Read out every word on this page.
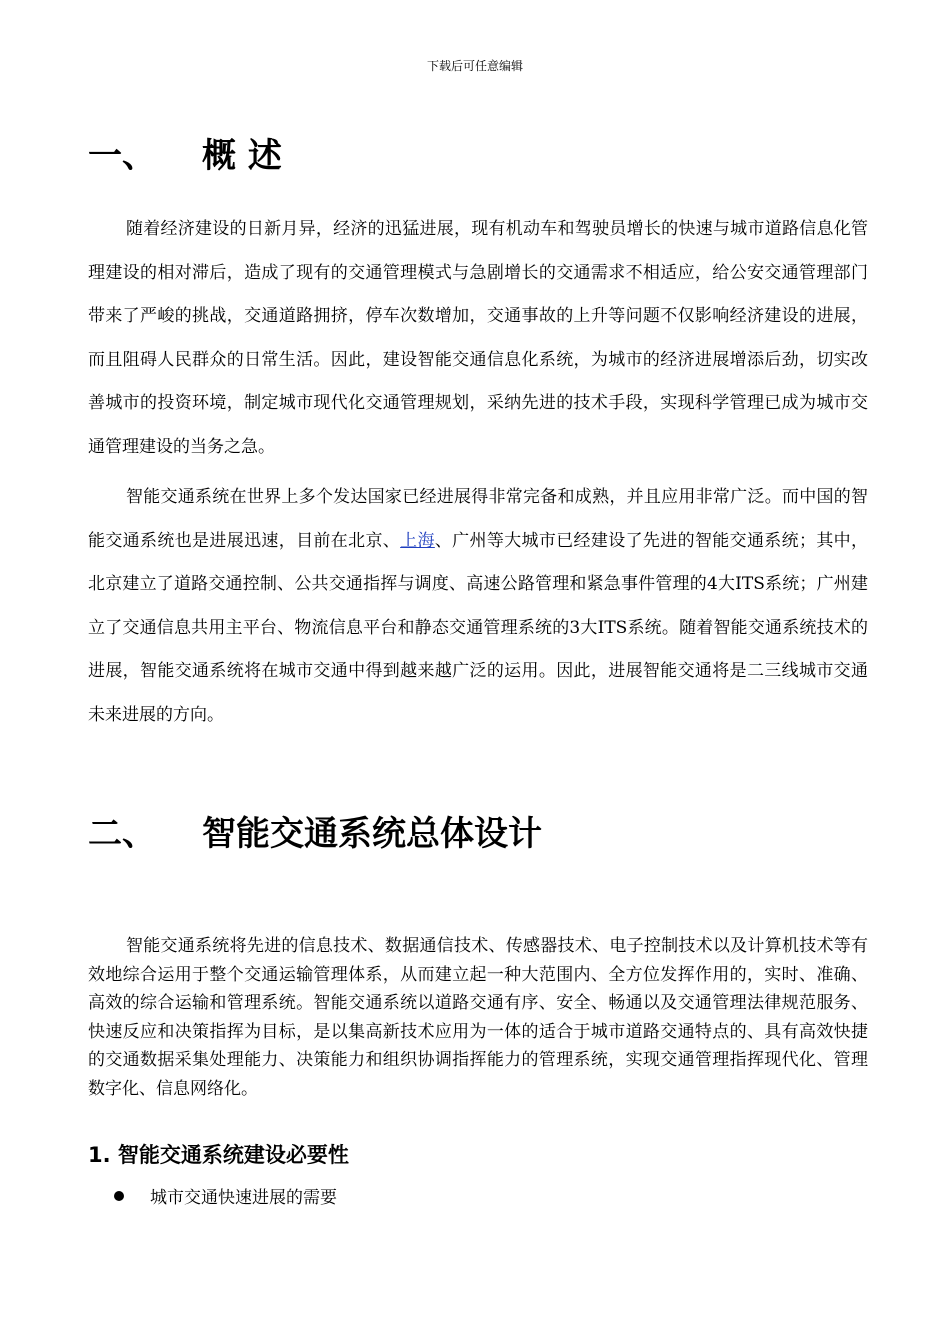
下载后可任意编辑
一、 概 述

随着经济建设的日新月异，经济的迅猛进展，现有机动车和驾驶员增长的快速与城市道路信息化管理建设的相对滞后，造成了现有的交通管理模式与急剧增长的交通需求不相适应，给公安交通管理部门带来了严峻的挑战，交通道路拥挤，停车次数增加，交通事故的上升等问题不仅影响经济建设的进展，而且阻碍人民群众的日常生活。因此，建设智能交通信息化系统，为城市的经济进展增添后劲，切实改善城市的投资环境，制定城市现代化交通管理规划，采纳先进的技术手段，实现科学管理已成为城市交通管理建设的当务之急。

智能交通系统在世界上多个发达国家已经进展得非常完备和成熟，并且应用非常广泛。而中国的智能交通系统也是进展迅速，目前在北京、上海、广州等大城市已经建设了先进的智能交通系统；其中，北京建立了道路交通控制、公共交通指挥与调度、高速公路管理和紧急事件管理的4大ITS系统；广州建立了交通信息共用主平台、物流信息平台和静态交通管理系统的3大ITS系统。随着智能交通系统技术的进展，智能交通系统将在城市交通中得到越来越广泛的运用。因此，进展智能交通将是二三线城市交通未来进展的方向。

二、 智能交通系统总体设计

智能交通系统将先进的信息技术、数据通信技术、传感器技术、电子控制技术以及计算机技术等有效地综合运用于整个交通运输管理体系，从而建立起一种大范围内、全方位发挥作用的，实时、准确、高效的综合运输和管理系统。智能交通系统以道路交通有序、安全、畅通以及交通管理法律规范服务、快速反应和决策指挥为目标，是以集高新技术应用为一体的适合于城市道路交通特点的、具有高效快捷的交通数据采集处理能力、决策能力和组织协调指挥能力的管理系统，实现交通管理指挥现代化、管理数字化、信息网络化。

1. 智能交通系统建设必要性
城市交通快速进展的需要
